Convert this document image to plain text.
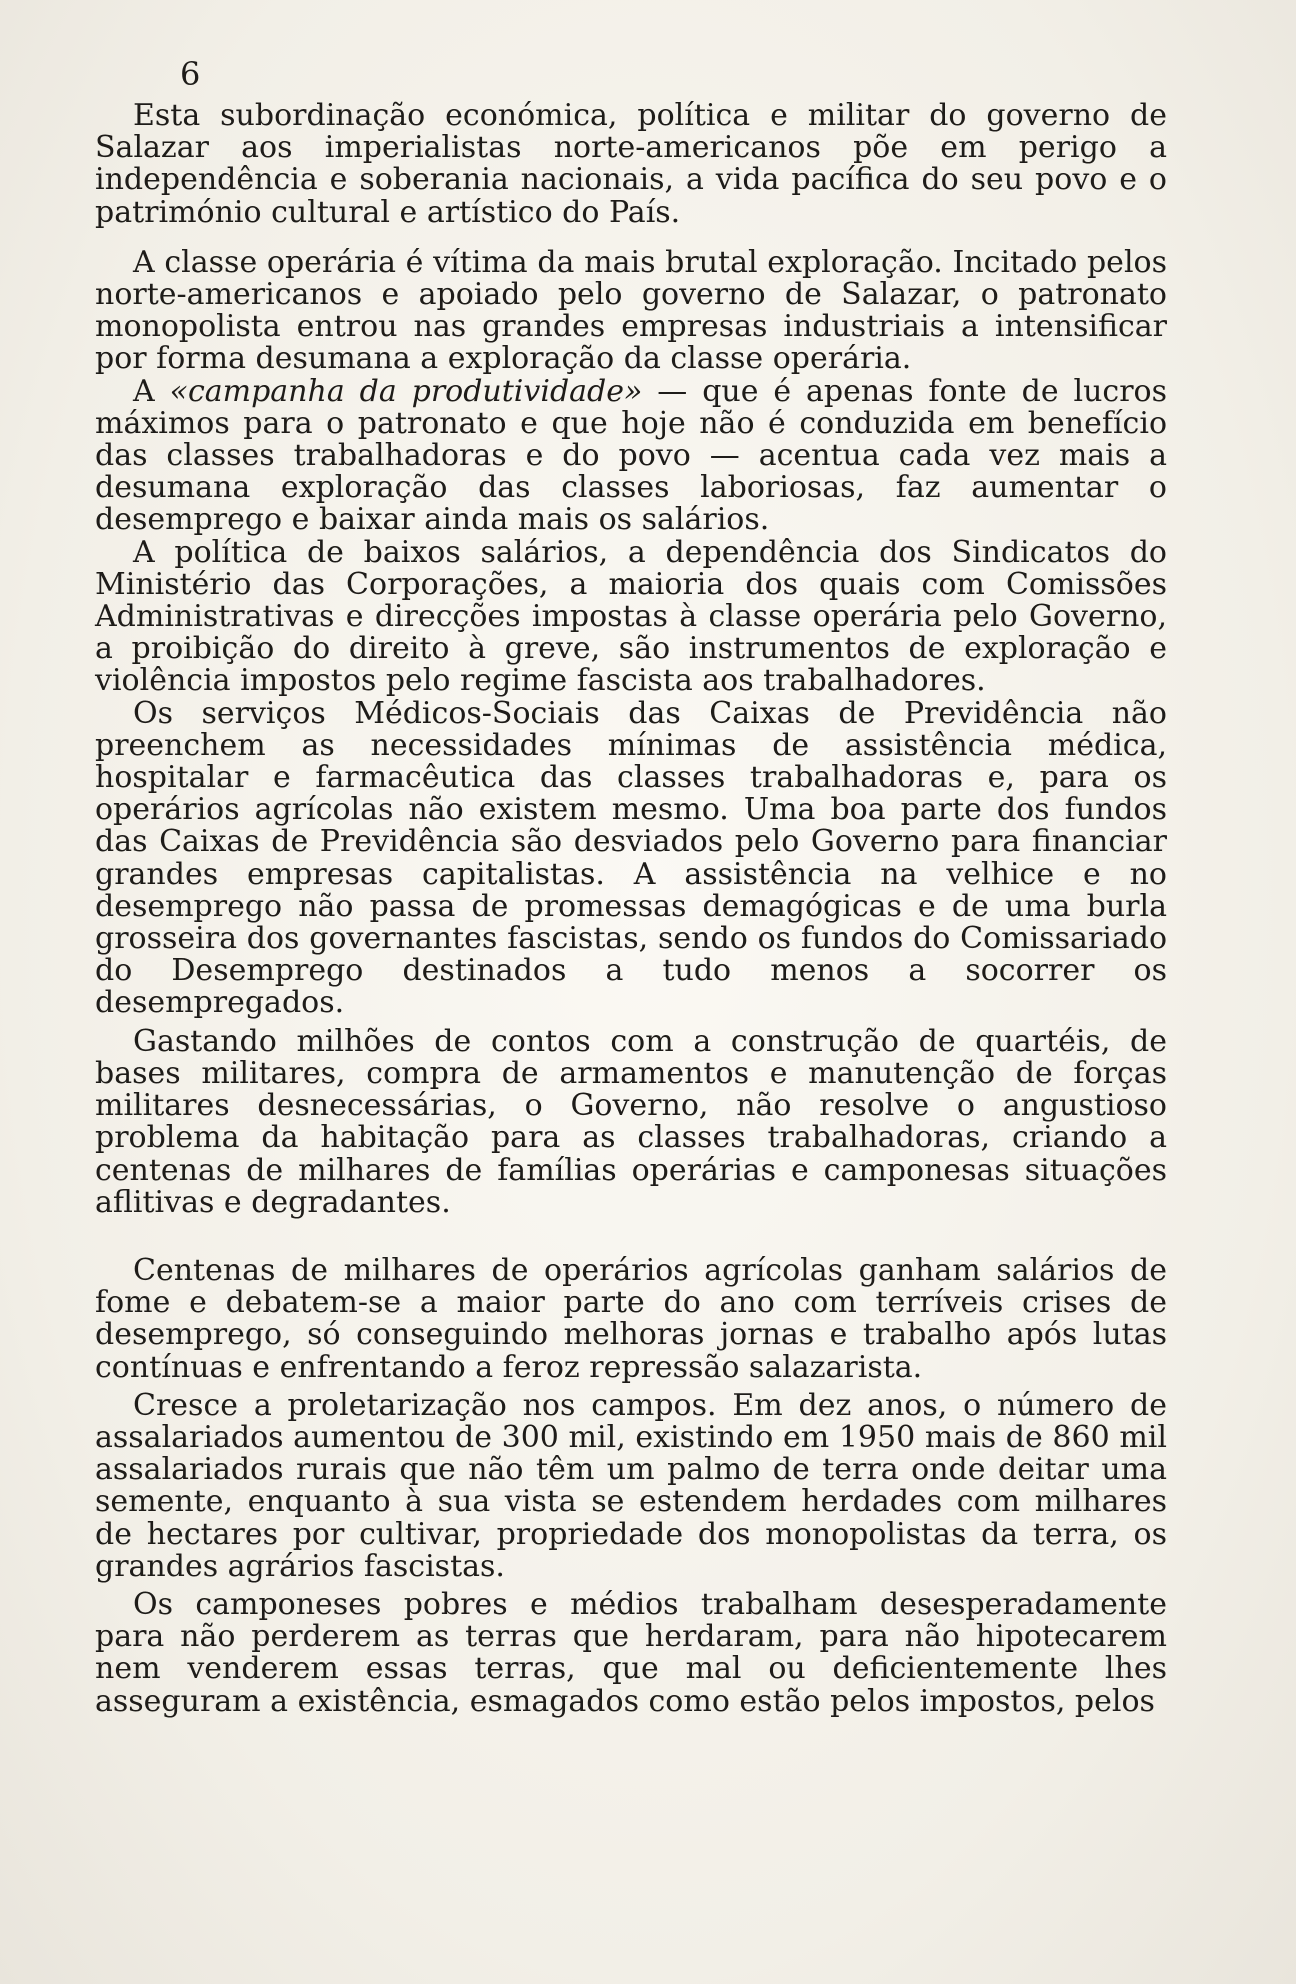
6

Esta subordinação económica, política e militar do governo de Salazar aos imperialistas norte-americanos põe em perigo a independência e soberania nacionais, a vida pacífica do seu povo e o património cultural e artístico do País.

A classe operária é vítima da mais brutal exploração. Incitado pelos norte-americanos e apoiado pelo governo de Salazar, o patronato monopolista entrou nas grandes empresas industriais a intensificar por forma desumana a exploração da classe operária.

A «campanha da produtividade» — que é apenas fonte de lucros máximos para o patronato e que hoje não é conduzida em benefício das classes trabalhadoras e do povo — acentua cada vez mais a desumana exploração das classes laboriosas, faz aumentar o desemprego e baixar ainda mais os salários.

A política de baixos salários, a dependência dos Sindicatos do Ministério das Corporações, a maioria dos quais com Comissões Administrativas e direcções impostas à classe operária pelo Governo, a proibição do direito à greve, são instrumentos de exploração e violência impostos pelo regime fascista aos trabalhadores.

Os serviços Médicos-Sociais das Caixas de Previdência não preenchem as necessidades mínimas de assistência médica, hospitalar e farmacêutica das classes trabalhadoras e, para os operários agrícolas não existem mesmo. Uma boa parte dos fundos das Caixas de Previdência são desviados pelo Governo para financiar grandes empresas capitalistas. A assistência na velhice e no desemprego não passa de promessas demagógicas e de uma burla grosseira dos governantes fascistas, sendo os fundos do Comissariado do Desemprego destinados a tudo menos a socorrer os desempregados.

Gastando milhões de contos com a construção de quartéis, de bases militares, compra de armamentos e manutenção de forças militares desnecessárias, o Governo, não resolve o angustioso problema da habitação para as classes trabalhadoras, criando a centenas de milhares de famílias operárias e camponesas situações aflitivas e degradantes.

Centenas de milhares de operários agrícolas ganham salários de fome e debatem-se a maior parte do ano com terríveis crises de desemprego, só conseguindo melhoras jornas e trabalho após lutas contínuas e enfrentando a feroz repressão salazarista.

Cresce a proletarização nos campos. Em dez anos, o número de assalariados aumentou de 300 mil, existindo em 1950 mais de 860 mil assalariados rurais que não têm um palmo de terra onde deitar uma semente, enquanto à sua vista se estendem herdades com milhares de hectares por cultivar, propriedade dos monopolistas da terra, os grandes agrários fascistas.

Os camponeses pobres e médios trabalham desesperadamente para não perderem as terras que herdaram, para não hipotecarem nem venderem essas terras, que mal ou deficientemente lhes asseguram a existência, esmagados como estão pelos impostos, pelos
